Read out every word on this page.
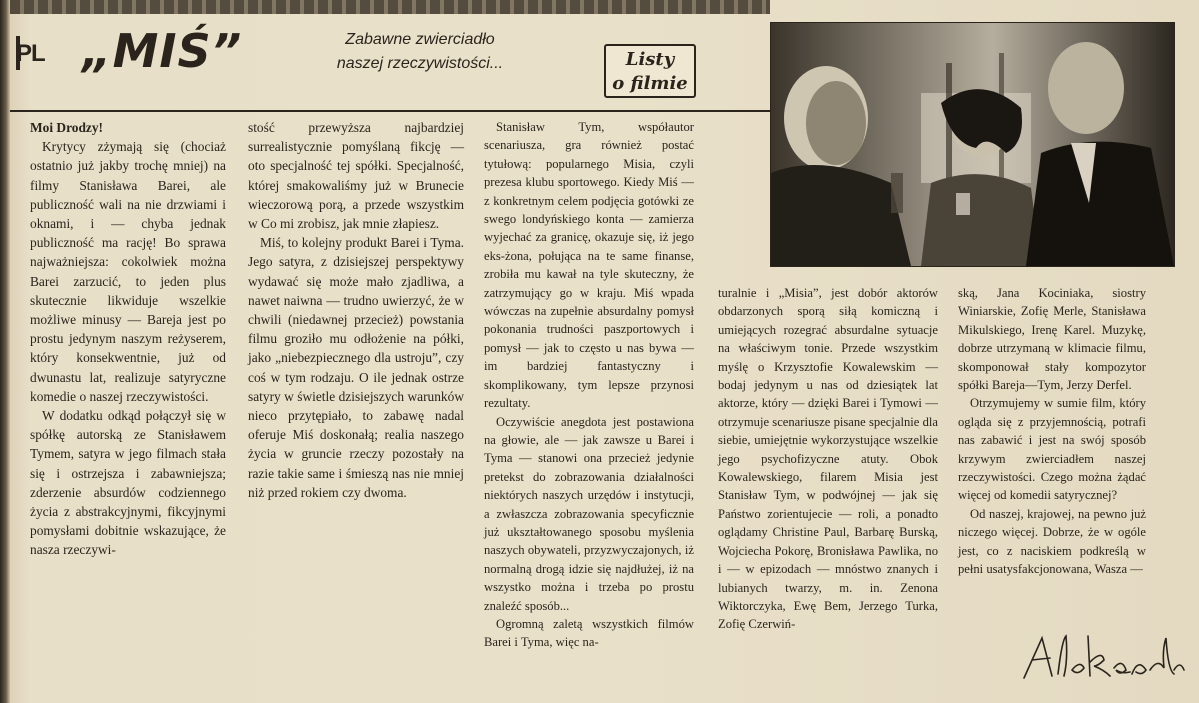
PL „MIŚ”	Zabawne zwierciadło
naszej rzeczywistości...	Listy
o filmie

Moi Drodzy!

Krytycy zżymają się (chociaż ostatnio już jakby trochę mniej) na filmy Stanisława Barei, ale publiczność wali na nie drzwiami i oknami, i — chyba jednak publiczność ma rację! Bo sprawa najważniejsza: cokolwiek można Barei zarzucić, to jeden plus skutecznie likwiduje wszelkie możliwe minusy — Bareja jest po prostu jedynym naszym reżyserem, który konsekwentnie, już od dwunastu lat, realizuje satyryczne komedie o naszej rzeczywistości.

W dodatku odkąd połączył się w spółkę autorską ze Stanisławem Tymem, satyra w jego filmach stała się i ostrzejsza i zabawniejsza; zderzenie absurdów codziennego życia z abstrakcyjnymi, fikcyjnymi pomysłami dobitnie wskazujące, że nasza rzeczywi-

stość przewyższa najbardziej surrealistycznie pomyślaną fikcję — oto specjalność tej spółki. Specjalność, której smakowaliśmy już w Brunecie wieczorową porą, a przede wszystkim w Co mi zrobisz, jak mnie złapiesz.

Miś, to kolejny produkt Barei i Tyma. Jego satyra, z dzisiejszej perspektywy wydawać się może mało zjadliwa, a nawet naiwna — trudno uwierzyć, że w chwili (niedawnej przecież) powstania filmu groziło mu odłożenie na półki, jako „niebezpiecznego dla ustroju”, czy coś w tym rodzaju. O ile jednak ostrze satyry w świetle dzisiejszych warunków nieco przytępiało, to zabawę nadal oferuje Miś doskonałą; realia naszego życia w gruncie rzeczy pozostały na razie takie same i śmieszą nas nie mniej niż przed rokiem czy dwoma.

Stanisław Tym, współautor scenariusza, gra również postać tytułową: popularnego Misia, czyli prezesa klubu sportowego. Kiedy Miś — z konkretnym celem podjęcia gotówki ze swego londyńskiego konta — zamierza wyjechać za granicę, okazuje się, iż jego eks-żona, połująca na te same finanse, zrobiła mu kawał na tyle skuteczny, że zatrzymujący go w kraju. Miś wpada wówczas na zupełnie absurdalny pomysł pokonania trudności paszportowych i pomysł — jak to często u nas bywa — im bardziej fantastyczny i skomplikowany, tym lepsze przynosi rezultaty.

Oczywiście anegdota jest postawiona na głowie, ale — jak zawsze u Barei i Tyma — stanowi ona przecież jedynie pretekst do zobrazowania działalności niektórych naszych urzędów i instytucji, a zwłaszcza zobrazowania specyficznie już ukształtowanego sposobu myślenia naszych obywateli, przyzwyczajonych, iż normalną drogą idzie się najdłużej, iż na wszystko można i trzeba po prostu znaleźć sposób...

Ogromną zaletą wszystkich filmów Barei i Tyma, więc na-

turalnie i „Misia”, jest dobór aktorów obdarzonych sporą siłą komiczną i umiejących rozegrać absurdalne sytuacje na właściwym tonie. Przede wszystkim myślę o Krzysztofie Kowalewskim — bodaj jedynym u nas od dziesiątek lat aktorze, który — dzięki Barei i Tymowi — otrzymuje scenariusze pisane specjalnie dla siebie, umiejętnie wykorzystujące wszelkie jego psychofizyczne atuty. Obok Kowalewskiego, filarem Misia jest Stanisław Tym, w podwójnej — jak się Państwo zorientujecie — roli, a ponadto oglądamy Christine Paul, Barbarę Burską, Wojciecha Pokorę, Bronisława Pawlika, no i — w epizodach — mnóstwo znanych i lubianych twarzy, m. in. Zenona Wiktorczyka, Ewę Bem, Jerzego Turka, Zofię Czerwiń-

ską, Jana Kociniaka, siostry Winiarskie, Zofię Merle, Stanisława Mikulskiego, Irenę Karel. Muzykę, dobrze utrzymaną w klimacie filmu, skomponował stały kompozytor spółki Bareja—Tym, Jerzy Derfel.

Otrzymujemy w sumie film, który ogląda się z przyjemnością, potrafi nas zabawić i jest na swój sposób krzywym zwierciadłem naszej rzeczywistości. Czego można żądać więcej od komedii satyrycznej?

Od naszej, krajowej, na pewno już niczego więcej. Dobrze, że w ogóle jest, co z naciskiem podkreślą w pełni usatysfakcjonowana, Wasza —
